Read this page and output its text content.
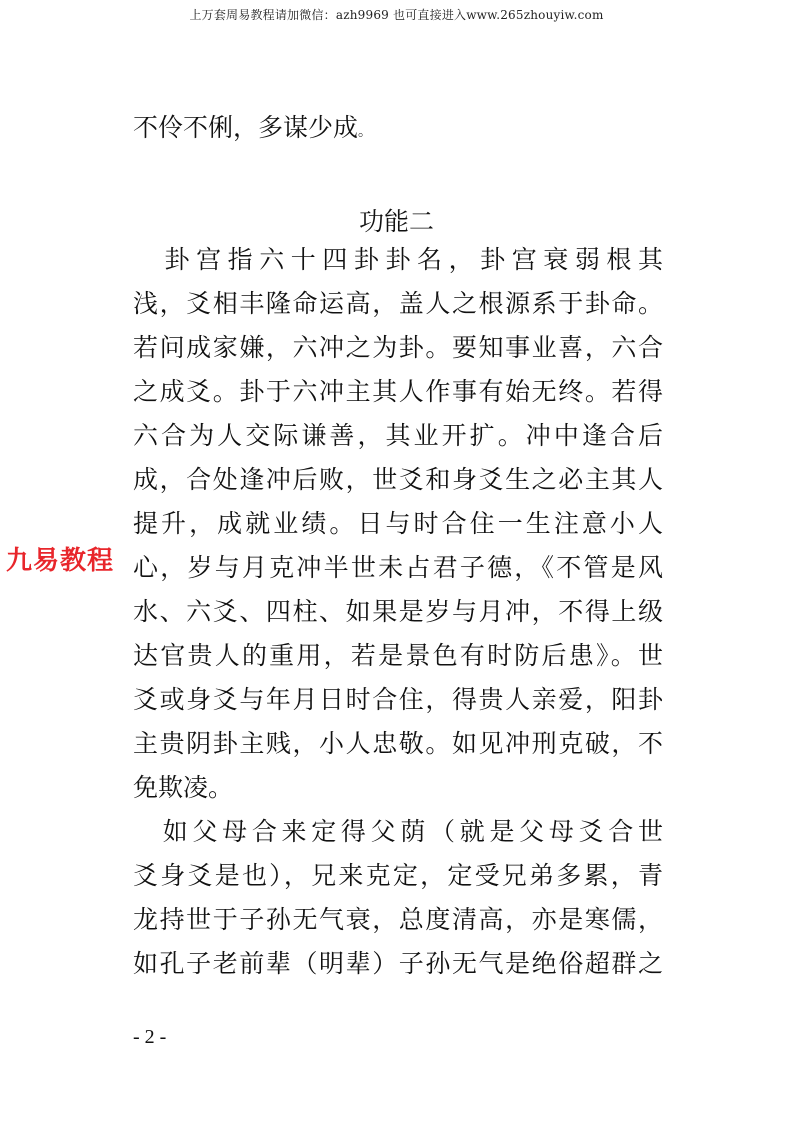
上万套周易教程请加微信：azh9969 也可直接进入www.265zhouyiw.com
不伶不俐，多谋少成。
功能二
　卦宫指六十四卦卦名，卦宫衰弱根其
浅，爻相丰隆命运高，盖人之根源系于卦命。
若问成家嫌，六冲之为卦。要知事业喜，六合
之成爻。卦于六冲主其人作事有始无终。若得
六合为人交际谦善，其业开扩。冲中逢合后
成，合处逢冲后败，世爻和身爻生之必主其人
提升，成就业绩。日与时合住一生注意小人
心，岁与月克冲半世未占君子德，《不管是风
水、六爻、四柱、如果是岁与月冲，不得上级
达官贵人的重用，若是景色有时防后患》。世
爻或身爻与年月日时合住，得贵人亲爱，阳卦
主贵阴卦主贱，小人忠敬。如见冲刑克破，不
免欺凌。
　如父母合来定得父荫（就是父母爻合世
爻身爻是也），兄来克定，定受兄弟多累，青
龙持世于子孙无气衰，总度清高，亦是寒儒，
如孔子老前辈（明辈）子孙无气是绝俗超群之
九易教程
- 2 -
